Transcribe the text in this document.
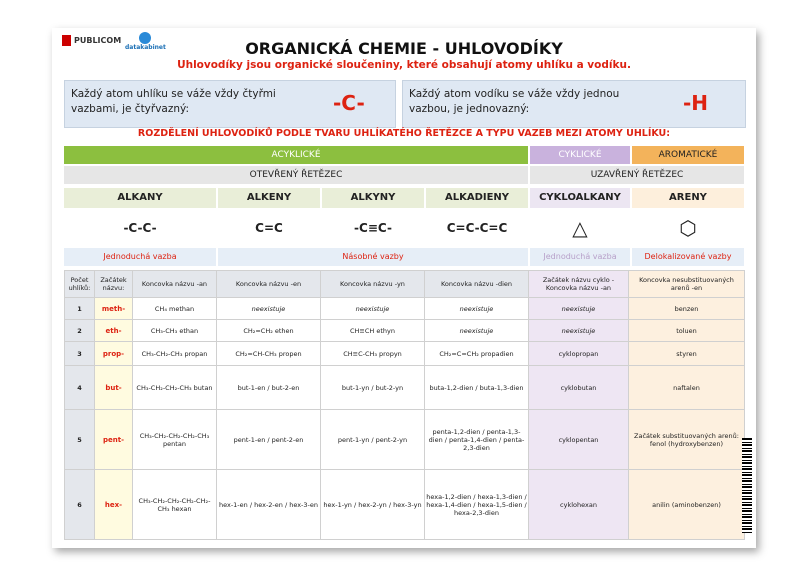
PUBLICOM
datakabinet	ORGANICKÁ CHEMIE - UHLOVODÍKY
Uhlovodíky jsou organické sloučeniny, které obsahují atomy uhlíku a vodíku.
Každý atom uhlíku se váže vždy čtyřmi
vazbami, je čtyřvazný:	-C-	Každý atom vodíku se váže vždy jednou
vazbou, je jednovazný:	-H
ROZDĚLENÍ UHLOVODÍKŮ PODLE TVARU UHLÍKATÉHO ŘETĚZCE A TYPU VAZEB MEZI ATOMY UHLÍKU:
ACYKLICKÉ	CYKLICKÉ	AROMATICKÉ
OTEVŘENÝ ŘETĚZEC	UZAVŘENÝ ŘETĚZEC
ALKANY	ALKENY	ALKYNY	ALKADIENY	CYKLOALKANY	ARENY
-C-C-	C=C	-C≡C-	C=C-C=C	△	⬡
Jednoduchá vazba	Násobné vazby	Jednoduchá vazba	Delokalizované vazby
Počet uhlíků:	Začátek názvu:	Koncovka názvu -an	Koncovka názvu -en	Koncovka názvu -yn	Koncovka názvu -dien	Začátek názvu cyklo - Koncovka názvu -an	Koncovka nesubstituovaných arenů -en
1	meth-	CH₄ methan	neexistuje	neexistuje	neexistuje	neexistuje	benzen
2	eth-	CH₃-CH₃ ethan	CH₂=CH₂ ethen	CH≡CH ethyn	neexistuje	neexistuje	toluen
3	prop-	CH₃-CH₂-CH₃ propan	CH₂=CH-CH₃ propen	CH≡C-CH₃ propyn	CH₂=C=CH₂ propadien	cyklopropan	styren
4	but-	CH₃-CH₂-CH₂-CH₃ butan	but-1-en / but-2-en	but-1-yn / but-2-yn	buta-1,2-dien / buta-1,3-dien	cyklobutan	naftalen
5	pent-	CH₃-CH₂-CH₂-CH₂-CH₃ pentan	pent-1-en / pent-2-en	pent-1-yn / pent-2-yn	penta-1,2-dien / penta-1,3-dien / penta-1,4-dien / penta-2,3-dien	cyklopentan	Začátek substituovaných arenů: fenol (hydroxybenzen)
6	hex-	CH₃-CH₂-CH₂-CH₂-CH₂-CH₃ hexan	hex-1-en / hex-2-en / hex-3-en	hex-1-yn / hex-2-yn / hex-3-yn	hexa-1,2-dien / hexa-1,3-dien / hexa-1,4-dien / hexa-1,5-dien / hexa-2,3-dien	cyklohexan	anilin (aminobenzen)
